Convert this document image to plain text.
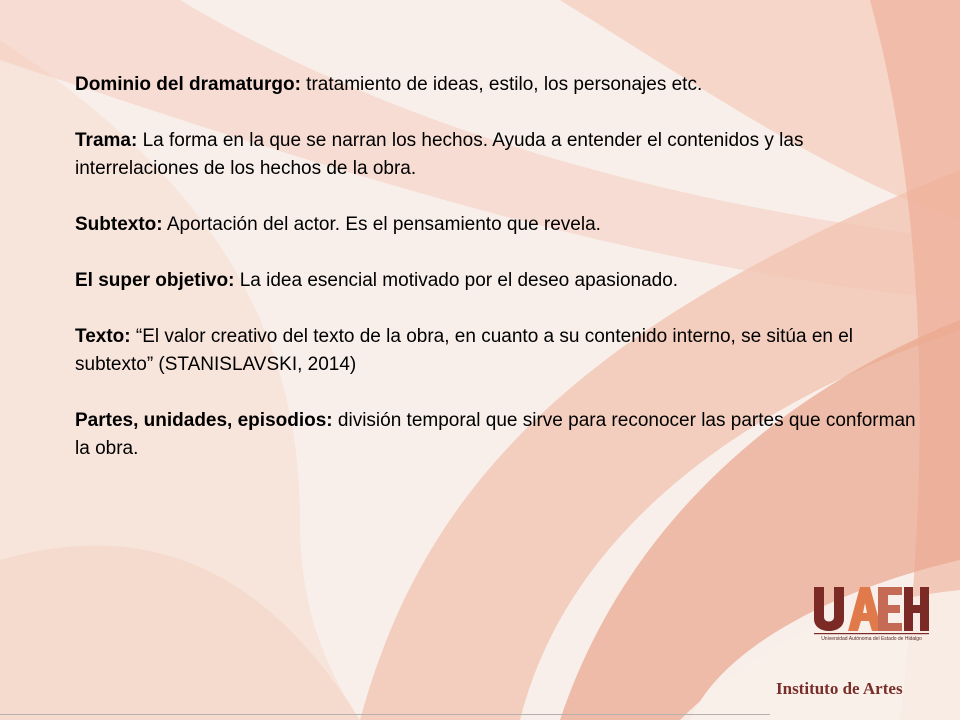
Dominio del dramaturgo: tratamiento de ideas, estilo, los personajes etc.

Trama: La forma en la que se narran los hechos. Ayuda a entender el contenidos y las interrelaciones de los hechos de la obra.

Subtexto: Aportación del actor. Es el pensamiento que revela.

El super objetivo: La idea esencial motivado por el deseo apasionado.

Texto: “El valor creativo del texto de la obra, en cuanto a su contenido interno, se sitúa en el subtexto” (STANISLAVSKI, 2014)

Partes, unidades, episodios: división temporal que sirve para reconocer las partes que conforman la obra.

Universidad Autónoma del Estado de Hidalgo
Instituto de Artes
